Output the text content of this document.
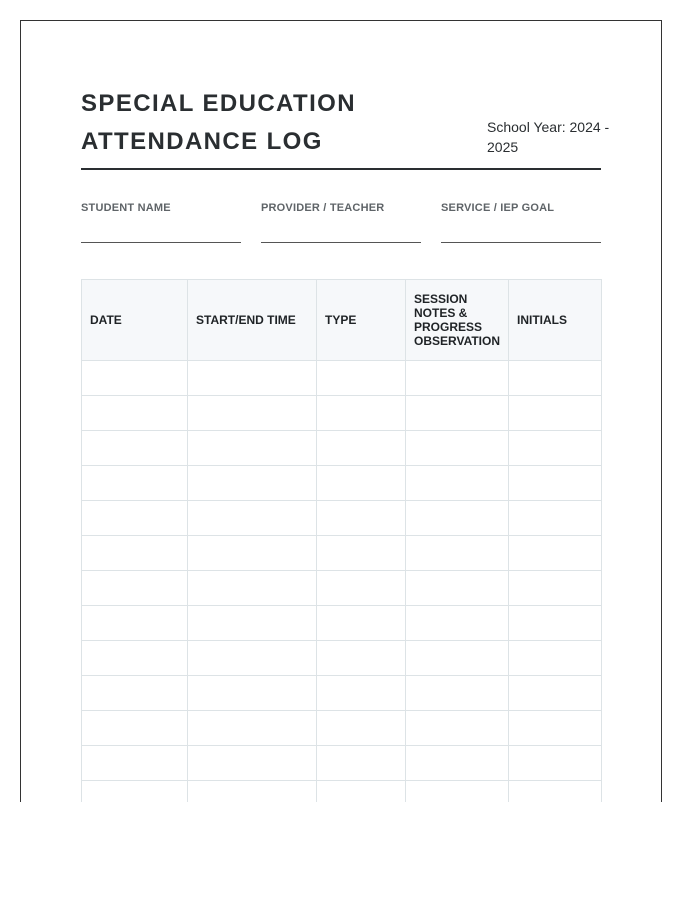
SPECIAL EDUCATION
ATTENDANCE LOG
School Year: 2024 - 2025
STUDENT NAME	PROVIDER / TEACHER	SERVICE / IEP GOAL
DATE	START/END TIME	TYPE	SESSION NOTES & PROGRESS OBSERVATION	INITIALS
